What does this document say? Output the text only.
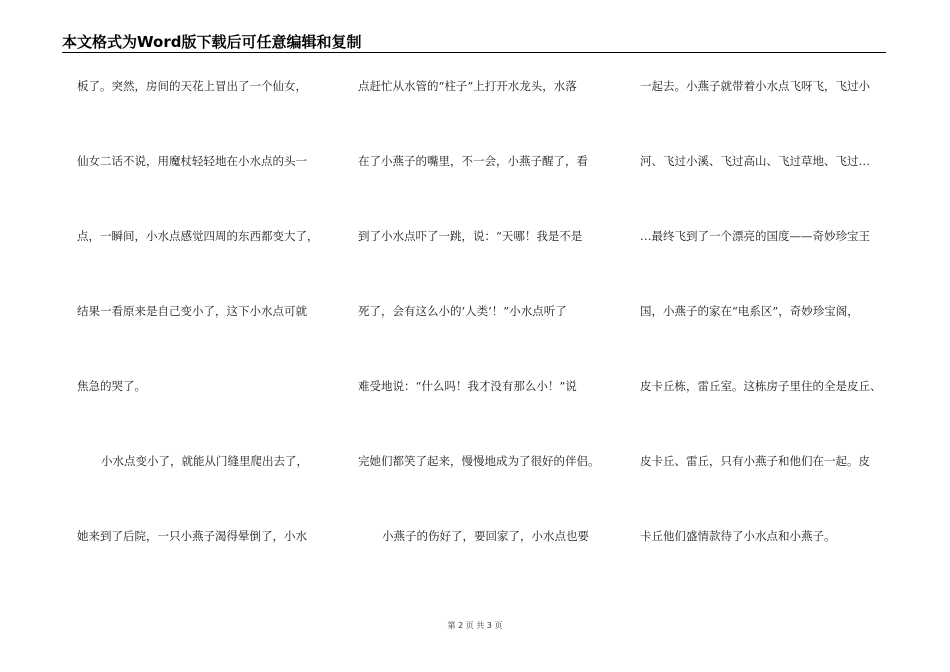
本文格式为Word版下载后可任意编辑和复制
板了。突然，房间的天花上冒出了一个仙女，
仙女二话不说，用魔杖轻轻地在小水点的头一
点，一瞬间，小水点感觉四周的东西都变大了，
结果一看原来是自己变小了，这下小水点可就
焦急的哭了。
小水点变小了，就能从门缝里爬出去了，
她来到了后院，一只小燕子渴得晕倒了，小水
点赶忙从水管的“柱子”上打开水龙头，水落
在了小燕子的嘴里，不一会，小燕子醒了，看
到了小水点吓了一跳，说：“天哪！我是不是
死了，会有这么小的‘人类’！”小水点听了
难受地说：“什么吗！我才没有那么小！”说
完她们都笑了起来，慢慢地成为了很好的伴侣。
小燕子的伤好了，要回家了，小水点也要
一起去。小燕子就带着小水点飞呀飞，飞过小
河、飞过小溪、飞过高山、飞过草地、飞过…
…最终飞到了一个漂亮的国度——奇妙珍宝王
国，小燕子的家在“电系区”，奇妙珍宝阁，
皮卡丘栋，雷丘室。这栋房子里住的全是皮丘、
皮卡丘、雷丘，只有小燕子和他们在一起。皮
卡丘他们盛情款待了小水点和小燕子。
第 2 页 共 3 页
